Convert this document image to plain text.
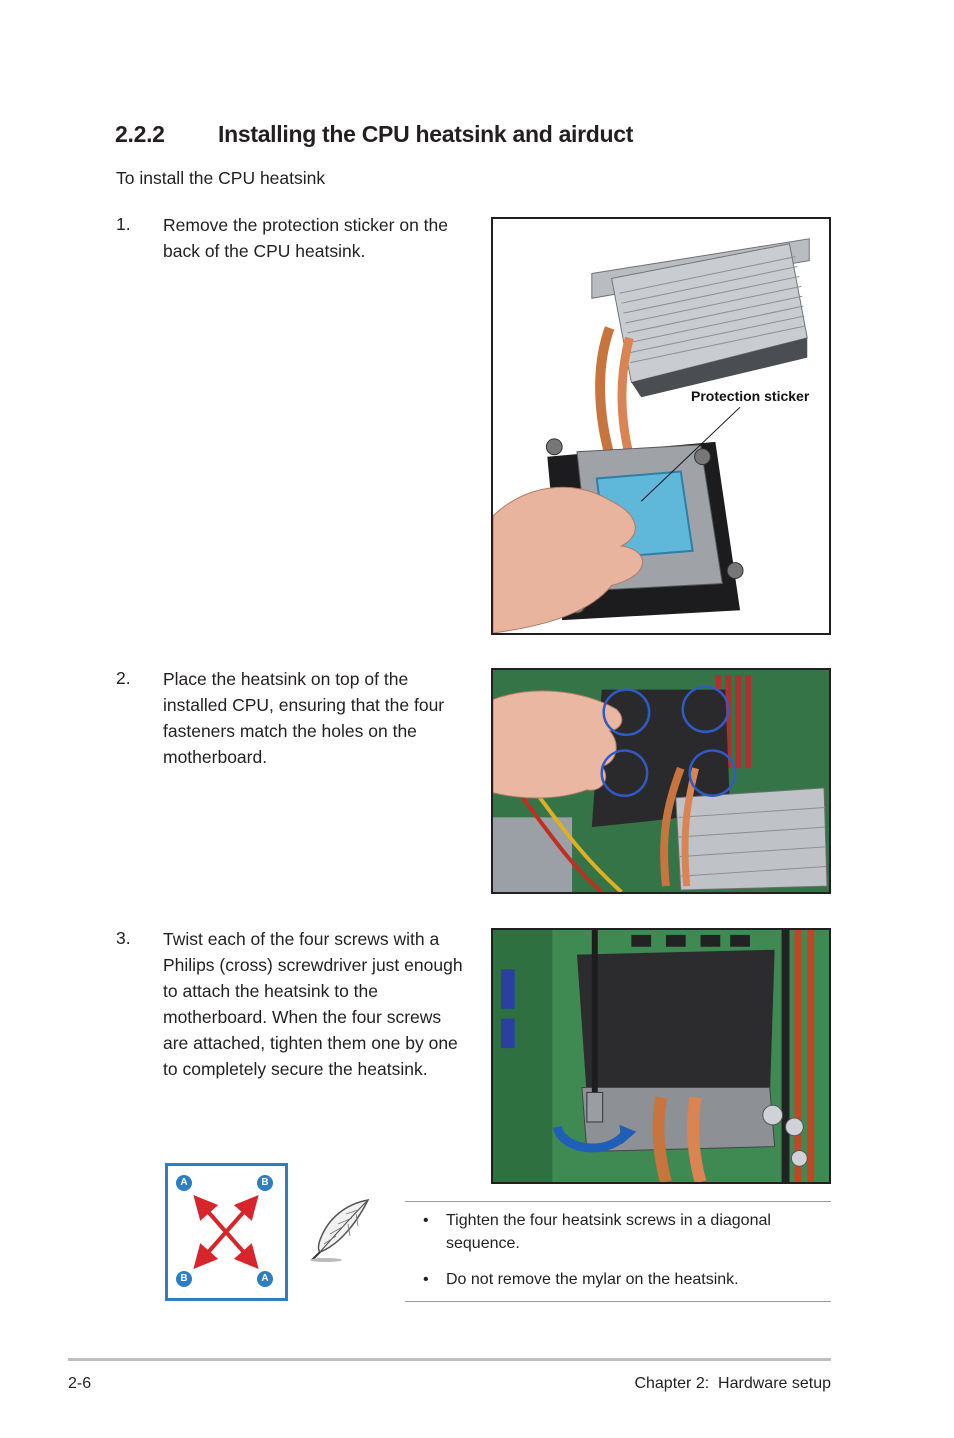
2.2.2 Installing the CPU heatsink and airduct
To install the CPU heatsink
1. Remove the protection sticker on the back of the CPU heatsink.
Protection sticker
2. Place the heatsink on top of the installed CPU, ensuring that the four fasteners match the holes on the motherboard.
3. Twist each of the four screws with a Philips (cross) screwdriver just enough to attach the heatsink to the motherboard. When the four screws are attached, tighten them one by one to completely secure the heatsink.
A	B
B	A
• Tighten the four heatsink screws in a diagonal sequence.
• Do not remove the mylar on the heatsink.
2-6	Chapter 2:  Hardware setup
